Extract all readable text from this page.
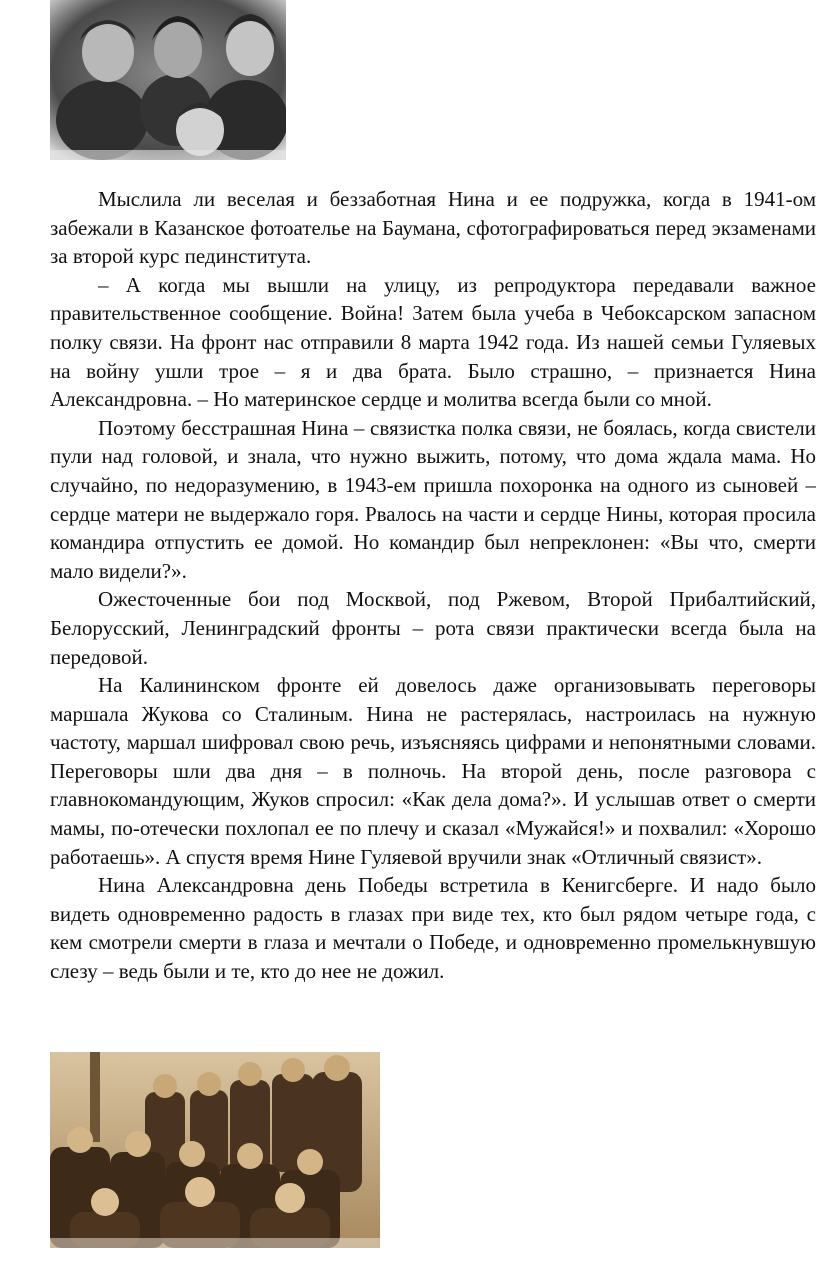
Мыслила ли веселая и беззаботная Нина и ее подружка, когда в 1941-ом забежали в Казанское фотоателье на Баумана, сфотографироваться перед экзаменами за второй курс пединститута.

– А когда мы вышли на улицу, из репродуктора передавали важное правительственное сообщение. Война! Затем была учеба в Чебоксарском запасном полку связи. На фронт нас отправили 8 марта 1942 года. Из нашей семьи Гуляевых на войну ушли трое – я и два брата. Было страшно, – признается Нина Александровна. – Но материнское сердце и молитва всегда были со мной.

Поэтому бесстрашная Нина – связистка полка связи, не боялась, когда свистели пули над головой, и знала, что нужно выжить, потому, что дома ждала мама. Но случайно, по недоразумению, в 1943-ем пришла похоронка на одного из сыновей – сердце матери не выдержало горя. Рвалось на части и сердце Нины, которая просила командира отпустить ее домой. Но командир был непреклонен: «Вы что, смерти мало видели?».

Ожесточенные бои под Москвой, под Ржевом, Второй Прибалтийский, Белорусский, Ленинградский фронты – рота связи практически всегда была на передовой.

На Калининском фронте ей довелось даже организовывать переговоры маршала Жукова со Сталиным. Нина не растерялась, настроилась на нужную частоту, маршал шифровал свою речь, изъясняясь цифрами и непонятными словами. Переговоры шли два дня – в полночь. На второй день, после разговора с главнокомандующим, Жуков спросил: «Как дела дома?». И услышав ответ о смерти мамы, по-отечески похлопал ее по плечу и сказал «Мужайся!» и похвалил: «Хорошо работаешь». А спустя время Нине Гуляевой вручили знак «Отличный связист».

Нина Александровна день Победы встретила в Кенигсберге. И надо было видеть одновременно радость в глазах при виде тех, кто был рядом четыре года, с кем смотрели смерти в глаза и мечтали о Победе, и одновременно промелькнувшую слезу – ведь были и те, кто до нее не дожил.
